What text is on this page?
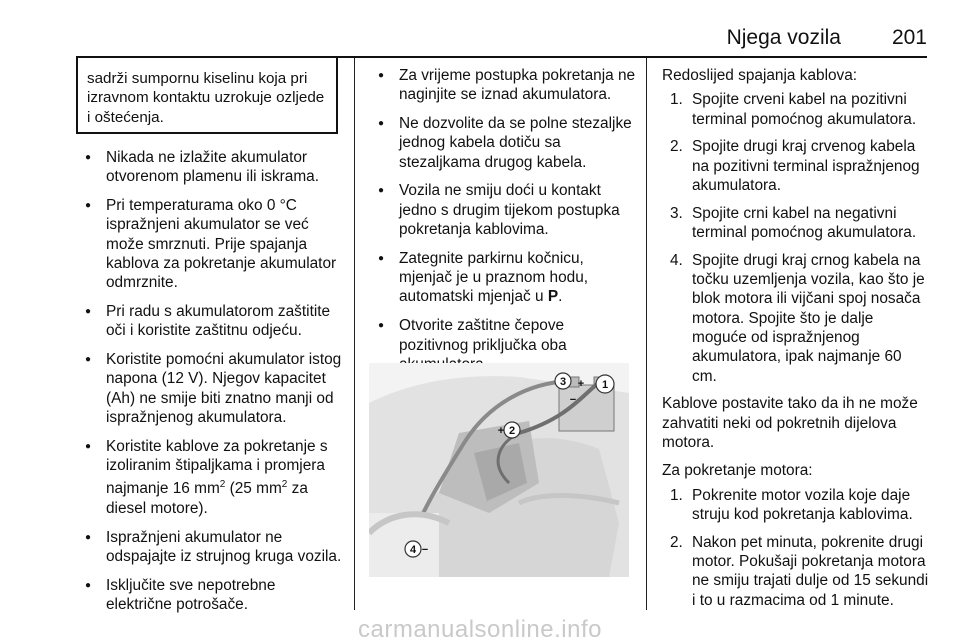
Njega vozila 201
sadrži sumpornu kiselinu koja pri izravnom kontaktu uzrokuje ozljede i oštećenja.
● Nikada ne izlažite akumulator otvorenom plamenu ili iskrama.
● Pri temperaturama oko 0 °C ispražnjeni akumulator se već može smrznuti. Prije spajanja kablova za pokretanje akumulator odmrznite.
● Pri radu s akumulatorom zaštitite oči i koristite zaštitnu odjeću.
● Koristite pomoćni akumulator istog napona (12 V). Njegov kapacitet (Ah) ne smije biti znatno manji od ispražnjenog akumulatora.
● Koristite kablove za pokretanje s izoliranim štipaljkama i promjera najmanje 16 $mm^2$ (25 $mm^2$ za diesel motore).
● Ispražnjeni akumulator ne odspajajte iz strujnog kruga vozila.
● Isključite sve nepotrebne električne potrošače.
● Za vrijeme postupka pokretanja ne naginjite se iznad akumulatora.
● Ne dozvolite da se polne stezaljke jednog kabela dotiču sa stezaljkama drugog kabela.
● Vozila ne smiju doći u kontakt jedno s drugim tijekom postupka pokretanja kablovima.
● Zategnite parkirnu kočnicu, mjenjač je u praznom hodu, automatski mjenjač u P.
● Otvorite zaštitne čepove pozitivnog priključka oba
1
+
3
2
+
4 −
−

Redoslijed spajanja kablova:

1. Spojite crveni kabel na pozitivni terminal pomoćnog akumulatora.
2. Spojite drugi kraj crvenog kabela na pozitivni terminal ispražnjenog akumulatora.
3. Spojite crni kabel na negativni terminal pomoćnog akumulatora.
4. Spojite drugi kraj crnog kabela na točku uzemljenja vozila, kao što je blok motora ili vijčani spoj nosača motora. Spojite što je dalje moguće od ispražnjenog akumulatora, ipak najmanje 60 cm.

Kablove postavite tako da ih ne može zahvatiti neki od pokretnih dijelova motora.

Za pokretanje motora:

1. Pokrenite motor vozila koje daje struju kod pokretanja kablovima.
2. Nakon pet minuta, pokrenite drugi motor. Pokušaji pokretanja motora ne smiju trajati dulje od 15 sekundi i to u razmacima od 1 minute.
carmanualsonline.info
